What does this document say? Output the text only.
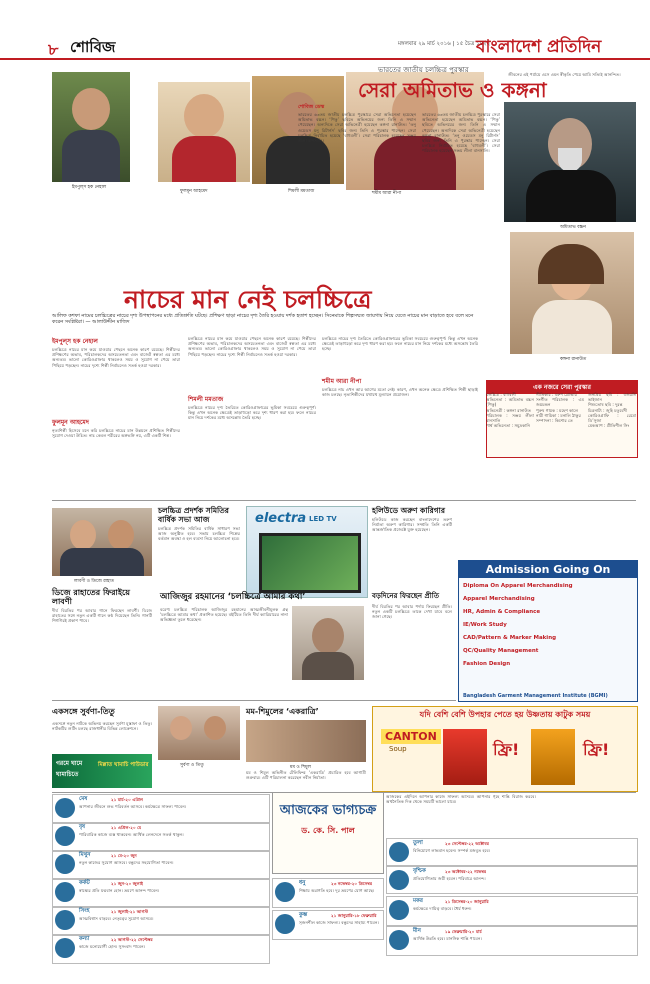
৮ শোবিজ	মঙ্গলবার ২৯ মার্চ ২০১৬ | ১৫ চৈত্র ১৪২২
বাংলাদেশ প্রতিদিন
ইমপুল্স হক নেহাল
ফুলমূন আহমেদ	শিমলী মমতাজ	শমীম আরা নীপা
নাচের মান নেই চলচ্চিত্রে
আলিফ কশফা নামের চলচ্চিত্রের নাচের দৃশ্য উপস্থাপনের মধ্যে প্রতিশ্রুতি ঘটছে। প্রশিক্ষণ ছাড়া নাচের দৃশ্য তৈরি হওয়ায় দর্শক হতাশ হচ্ছেন। সিনেমাকে শিল্পসম্মত জায়গায় নিয়ে যেতে নাচের মান বাড়াতে হবে বলে মনে করেন সংশ্লিষ্টরা। — আলাউদ্দীন মাজিদ
ইমপুল্স হক নেহাল
চলচ্চিত্রে নাচের মান কমে যাওয়ার পেছনে অনেক কারণ রয়েছে। শিল্পীদের প্রশিক্ষণের অভাব, পরিচালকদের অসচেতনতা এবং বাজেট স্বল্পতা এর মধ্যে অন্যতম। ভালো কোরিওগ্রাফার থাকলেও সময় ও সুযোগ না পেয়ে তারা পিছিয়ে পড়ছেন। নাচের দৃশ্যে শিল্পী নির্বাচনেও সতর্ক হওয়া দরকার।
ফুলমূন আহমেদ
নৃত্যশিল্পী হিসেবে মনে করি চলচ্চিত্রে নাচের মান উন্নয়নে প্রশিক্ষিত শিল্পীদের সুযোগ দেওয়া উচিত। নাচ কেবল শরীরের অঙ্গভঙ্গি নয়, এটি একটি শিল্প।
চলচ্চিত্রে নাচের মান কমে যাওয়ার পেছনে অনেক কারণ রয়েছে। শিল্পীদের প্রশিক্ষণের অভাব, পরিচালকদের অসচেতনতা এবং বাজেট স্বল্পতা এর মধ্যে অন্যতম। ভালো কোরিওগ্রাফার থাকলেও সময় ও সুযোগ না পেয়ে তারা পিছিয়ে পড়ছেন। নাচের দৃশ্যে শিল্পী নির্বাচনেও সতর্ক হওয়া দরকার।
শিমলী মমতাজ
চলচ্চিত্রে নাচের দৃশ্য তৈরিতে কোরিওগ্রাফারের ভূমিকা সবচেয়ে গুরুত্বপূর্ণ। কিন্তু এখন অনেক ক্ষেত্রেই তাড়াহুড়ো করে দৃশ্য ধারণ করা হয়। ফলে নাচের মান নিয়ে দর্শকের মধ্যে অসন্তোষ তৈরি হচ্ছে।
চলচ্চিত্রে নাচের দৃশ্য তৈরিতে কোরিওগ্রাফারের ভূমিকা সবচেয়ে গুরুত্বপূর্ণ। কিন্তু এখন অনেক ক্ষেত্রেই তাড়াহুড়ো করে দৃশ্য ধারণ করা হয়। ফলে নাচের মান নিয়ে দর্শকের মধ্যে অসন্তোষ তৈরি হচ্ছে।
শমীম আরা নীপা
চলচ্চিত্রে নাচ এখন আর আগের মতো নেই। কারণ, এখন অনেক ক্ষেত্রে প্রশিক্ষিত শিল্পী ছাড়াই কাজ চলছে। নৃত্যশিল্পীদের যথাযথ মূল্যায়ন প্রয়োজন।
ভারতের জাতীয় চলচ্চিত্র পুরস্কার
সেরা অমিতাভ ও কঙ্গনা
শোবিজ ডেস্ক
ভারতের ৬৩তম জাতীয় চলচ্চিত্র পুরস্কারে সেরা অভিনেতা হয়েছেন অমিতাভ বচ্চন। ‘পিকু’ ছবিতে অভিনয়ের জন্য তিনি এ সম্মান পেয়েছেন। অন্যদিকে সেরা অভিনেত্রী হয়েছেন কঙ্গনা রানাউত। ‘তনু ওয়েডস মনু রিটার্নস’ ছবির জন্য তিনি এ পুরস্কার পাচ্ছেন। সেরা চলচ্চিত্র নির্বাচিত হয়েছে ‘বাহুবলী’। সেরা পরিচালক হয়েছেন সঞ্জয় লীলা বানসালি।
ভারতের ৬৩তম জাতীয় চলচ্চিত্র পুরস্কারে সেরা অভিনেতা হয়েছেন অমিতাভ বচ্চন। ‘পিকু’ ছবিতে অভিনয়ের জন্য তিনি এ সম্মান পেয়েছেন। অন্যদিকে সেরা অভিনেত্রী হয়েছেন কঙ্গনা রানাউত। ‘তনু ওয়েডস মনু রিটার্নস’ ছবির জন্য তিনি এ পুরস্কার পাচ্ছেন। সেরা চলচ্চিত্র নির্বাচিত হয়েছে ‘বাহুবলী’। সেরা পরিচালক হয়েছেন সঞ্জয় লীলা বানসালি।
অমিতাভ বচ্চন
জীবনের এই পর্যায়ে এসে এমন স্বীকৃতি পেয়ে আমি সত্যিই আনন্দিত।
কঙ্গনা রানাউত
এক নজরে সেরা পুরস্কার
চলচ্চিত্র : বাহুবলী
অভিনেতা : অমিতাভ বচ্চন (পিকু)
অভিনেত্রী : কঙ্গনা রানাউত
পরিচালক : সঞ্জয় লীলা বানসালি
পার্শ্ব অভিনেতা : সমুদ্রকানি
গীতিকার : বরুণ গ্রোভার
সংগীত পরিচালক : এম জয়চন্দ্রন
পুরুষ গায়ক : মহেশ কালে
নারী গায়িকা : মনালি ঠাকুর
সম্পাদনা : কিশোর তে
জনপ্রিয় ছবি : বজরঙ্গি ভাইজান
শিশুতোষ ছবি : দুরন্ত
চিত্রনাট্য : জুহি চতুর্বেদী
কোরিওগ্রাফি : রেমো ডি’সুজা
মেকআপ : প্রীতিশীল সিং
লাবণী ও ডিজে রাহাত
চলচ্চিত্র প্রদর্শক সমিতির বার্ষিক সভা আজ
চলচ্চিত্র প্রদর্শক সমিতির বার্ষিক সাধারণ সভা আজ অনুষ্ঠিত হবে। সভায় চলচ্চিত্র শিল্পের বর্তমান অবস্থা ও হল ব্যবসা নিয়ে আলোচনা হবে।
electra LED TV
হলিউডে অরুণ কারিগার
হলিউডে কাজ করছেন বাংলাদেশের তরুণ নির্মাতা অরুণ কারিগার। সম্প্রতি তিনি একটি আন্তর্জাতিক প্রজেক্টে যুক্ত হয়েছেন।
বড়দিনের ফিরছেন প্রীতি
দীর্ঘ বিরতির পর আবার পর্দায় ফিরছেন প্রীতি। নতুন একটি চলচ্চিত্রে তাকে দেখা যাবে বলে জানা গেছে।
Admission Going On
Diploma On Apparel Merchandising
Apparel Merchandising
HR, Admin & Compliance
IE/Work Study
CAD/Pattern & Marker Making
QC/Quality Management
Fashion Design
Bangladesh Garment Management Institute (BGMI)
ডিজে রাহাতের ফিরাইয়ে লাবণী
দীর্ঘ বিরতির পর আবার গানে ফিরছেন লাবণী। ডিজে রাহাতের সঙ্গে নতুন একটি গানে কণ্ঠ দিয়েছেন তিনি। গানটি শিগগিরই প্রকাশ পাবে।
আজিজুর রহমানের ‘চলচ্চিত্রে আমার কথা’
বরেণ্য চলচ্চিত্র পরিচালক আজিজুর রহমানের আত্মজীবনীমূলক গ্রন্থ ‘চলচ্চিত্রে আমার কথা’ প্রকাশিত হয়েছে। বইটিতে তিনি দীর্ঘ ক্যারিয়ারের নানা অভিজ্ঞতা তুলে ধরেছেন।
একসঙ্গে সুর্বণা-তিতু
একসঙ্গে নতুন নাটকে অভিনয় করছেন সুর্বণা মুস্তাফা ও তিতু। নাটকটির শুটিং চলছে রাজধানীর বিভিন্ন লোকেশনে।
সুর্বণা ও তিতু
মম-শিমুলের ‘একরাত্রি’
মম ও শিমুল
মম ও শিমুল অভিনীত টেলিফিল্ম ‘একরাত্রি’ প্রচারিত হবে আগামী শুক্রবার। এটি পরিচালনা করেছেন নবীন নির্মাতা।
গরমে ঘামে ঘামাচিতে
মিল্লাত ঘামাচি পাউডার
যদি বেশি বেশি উপহার পেতে হয় উষ্ণতায় কাটুক সময়
CANTON
Soup	ফ্রি!	ফ্রি!
আজকের ভাগ্যচক্র
ড. কে. সি. পাল
আজকের এইদিনে আপনার কাজে সাফল্য আসবে। আপনার গৃহে শান্তি বিরাজ করবে। অর্থনৈতিক দিক থেকে সময়টি ভালো যাবে।
মেষ	২১ মার্চ-২০ এপ্রিল
আপনার জীবনে শুভ পরিবর্তন আসবে। কর্মক্ষেত্রে সাফল্য পাবেন।
বৃষ	২১ এপ্রিল-২০ মে
পারিবারিক কাজে ব্যস্ত থাকবেন। আর্থিক লেনদেনে সতর্ক থাকুন।
মিথুন	২১ মে-২০ জুন
নতুন কাজের সুযোগ আসবে। বন্ধুদের সহযোগিতা পাবেন।
কর্কট	২১ জুন-২০ জুলাই
স্বাস্থ্যের প্রতি যত্নবান হোন। ভ্রমণে আনন্দ পাবেন।
সিংহ	২১ জুলাই-২১ আগস্ট
আত্মবিশ্বাস বাড়বে। নেতৃত্বের সুযোগ আসবে।
কন্যা	২২ আগস্ট-২২ সেপ্টেম্বর
কাজে মনোযোগী হোন। সুসংবাদ পাবেন।
তুলা	২৩ সেপ্টেম্বর-২২ অক্টোবর
বিনিয়োগে লাভবান হবেন। সম্পর্ক মজবুত হবে।
বৃশ্চিক	২৩ অক্টোবর-২২ নভেম্বর
প্রতিযোগিতায় জয়ী হবেন। পরিবারে আনন্দ।
ধনু	২৩ নভেম্বর-২০ ডিসেম্বর
শিক্ষায় অগ্রগতি হবে। দূর ভ্রমণের যোগ আছে।
মকর	২১ ডিসেম্বর-২০ জানুয়ারি
কর্মক্ষেত্রে দায়িত্ব বাড়বে। ধৈর্য ধরুন।
কুম্ভ	২১ জানুয়ারি-১৮ ফেব্রুয়ারি
সৃজনশীল কাজে সাফল্য। বন্ধুদের সাহায্য পাবেন।
মীন	১৯ ফেব্রুয়ারি-২০ মার্চ
আর্থিক উন্নতি হবে। মানসিক শান্তি পাবেন।
